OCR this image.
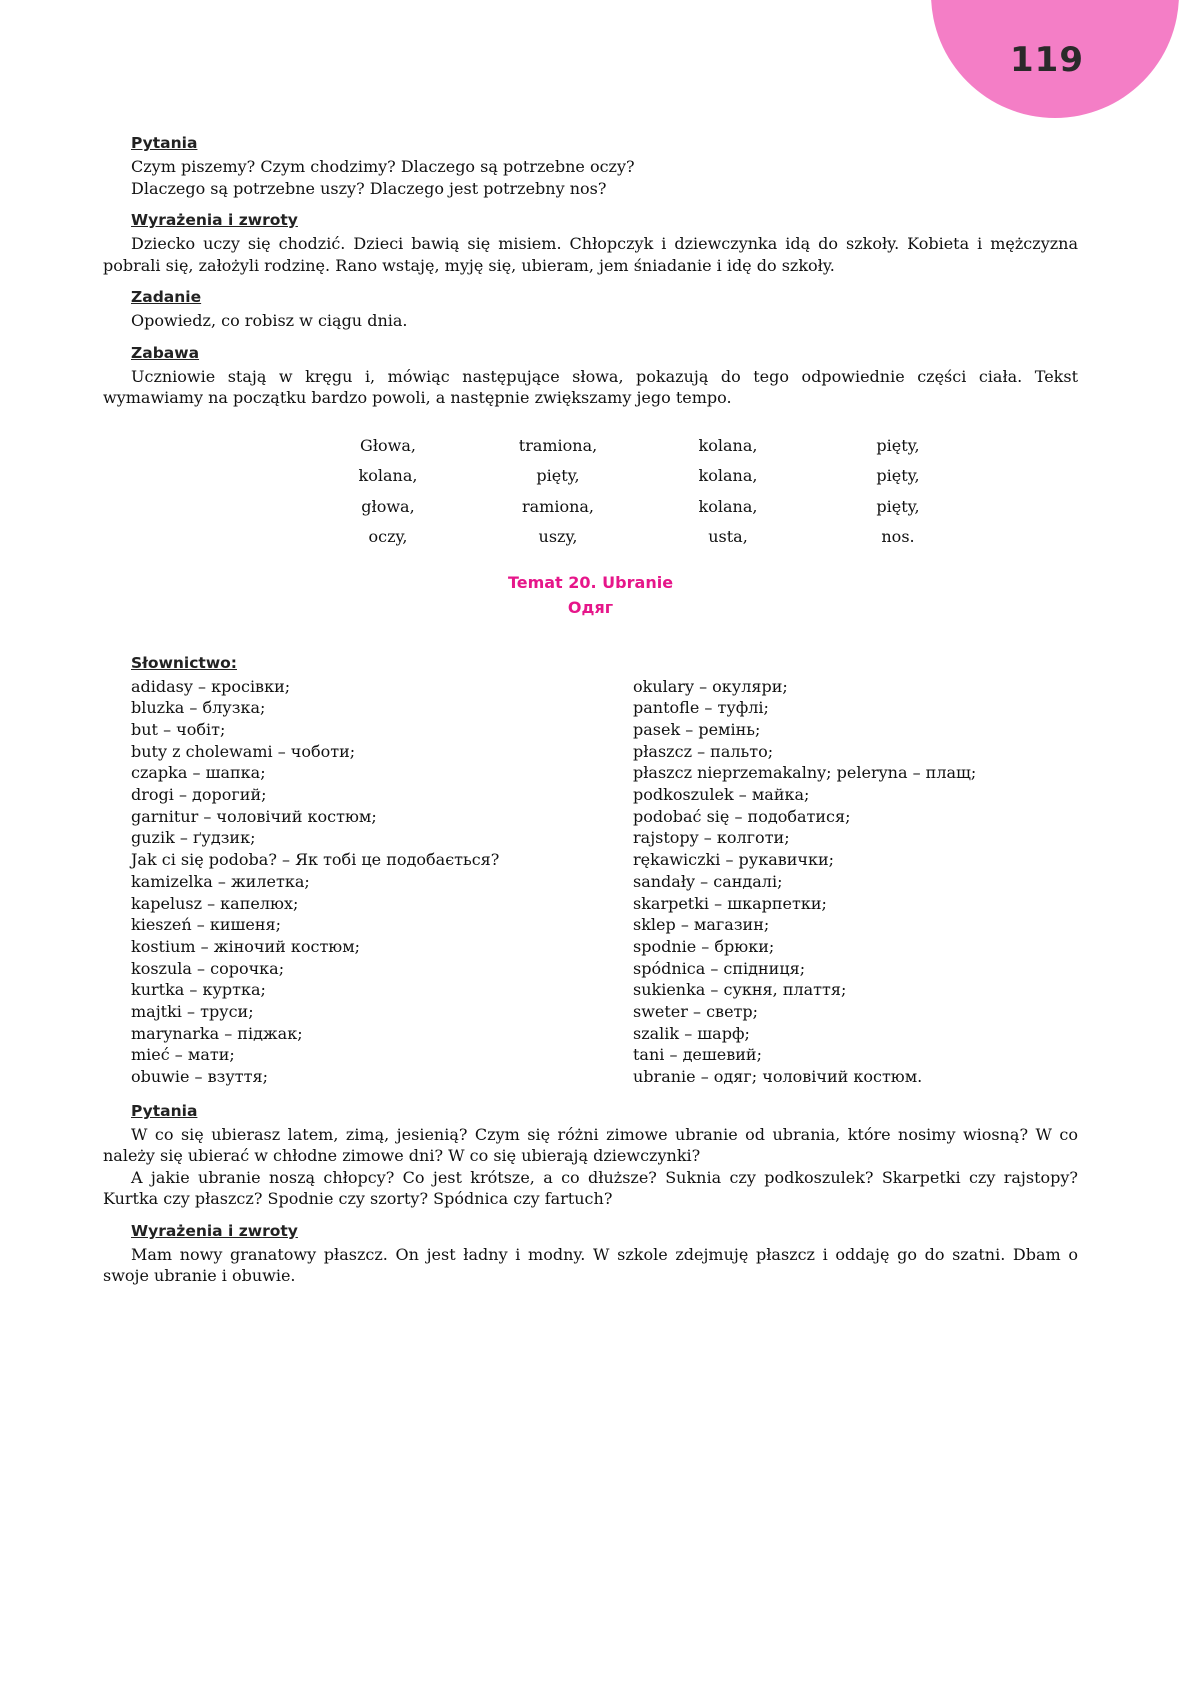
119
Pytania
Czym piszemy? Czym chodzimy? Dlaczego są potrzebne oczy?
Dlaczego są potrzebne uszy? Dlaczego jest potrzebny nos?
Wyrażenia i zwroty

Dziecko uczy się chodzić. Dzieci bawią się misiem. Chłopczyk i dziewczynka idą do szkoły. Kobieta i mężczyzna pobrali się, założyli rodzinę. Rano wstaję, myję się, ubieram, jem śniadanie i idę do szkoły.

Zadanie

Opowiedz, co robisz w ciągu dnia.

Zabawa

Uczniowie stają w kręgu i, mówiąc następujące słowa, pokazują do tego odpowiednie części ciała. Tekst wymawiamy na początku bardzo powoli, a następnie zwiększamy jego tempo.

Głowa,	tramiona,	kolana,	pięty,
kolana,	pięty,	kolana,	pięty,
głowa,	ramiona,	kolana,	pięty,
oczy,	uszy,	usta,	nos.
Temat 20. Ubranie
Одяг
Słownictwo:
adidasy – кросівки;
bluzka – блузка;
but – чобіт;
buty z cholewami – чоботи;
czapka – шапка;
drogi – дорогий;
garnitur – чоловічий костюм;
guzik – ґудзик;
Jak ci się podoba? – Як тобі це подобається?
kamizelka – жилетка;
kapelusz – капелюх;
kieszeń – кишеня;
kostium – жіночий костюм;
koszula – сорочка;
kurtka – куртка;
majtki – труси;
marynarka – піджак;
mieć – мати;
obuwie – взуття;
okulary – окуляри;
pantofle – туфлі;
pasek – ремінь;
płaszcz – пальто;
płaszcz nieprzemakalny; peleryna – плащ;
podkoszulek – майка;
podobać się – подобатися;
rajstopy – колготи;
rękawiczki – рукавички;
sandały – сандалі;
skarpetki – шкарпетки;
sklep – магазин;
spodnie – брюки;
spódnica – спідниця;
sukienka – сукня, плаття;
sweter – светр;
szalik – шарф;
tani – дешевий;
ubranie – одяг; чоловічий костюм.
Pytania

W co się ubierasz latem, zimą, jesienią? Czym się różni zimowe ubranie od ubrania, które nosimy wiosną? W co należy się ubierać w chłodne zimowe dni? W co się ubierają dziewczynki?

A jakie ubranie noszą chłopcy? Co jest krótsze, a co dłuższe? Suknia czy podkoszulek? Skarpetki czy rajstopy? Kurtka czy płaszcz? Spodnie czy szorty? Spódnica czy fartuch?

Wyrażenia i zwroty

Mam nowy granatowy płaszcz. On jest ładny i modny. W szkole zdejmuję płaszcz i oddaję go do szatni. Dbam o swoje ubranie i obuwie.
